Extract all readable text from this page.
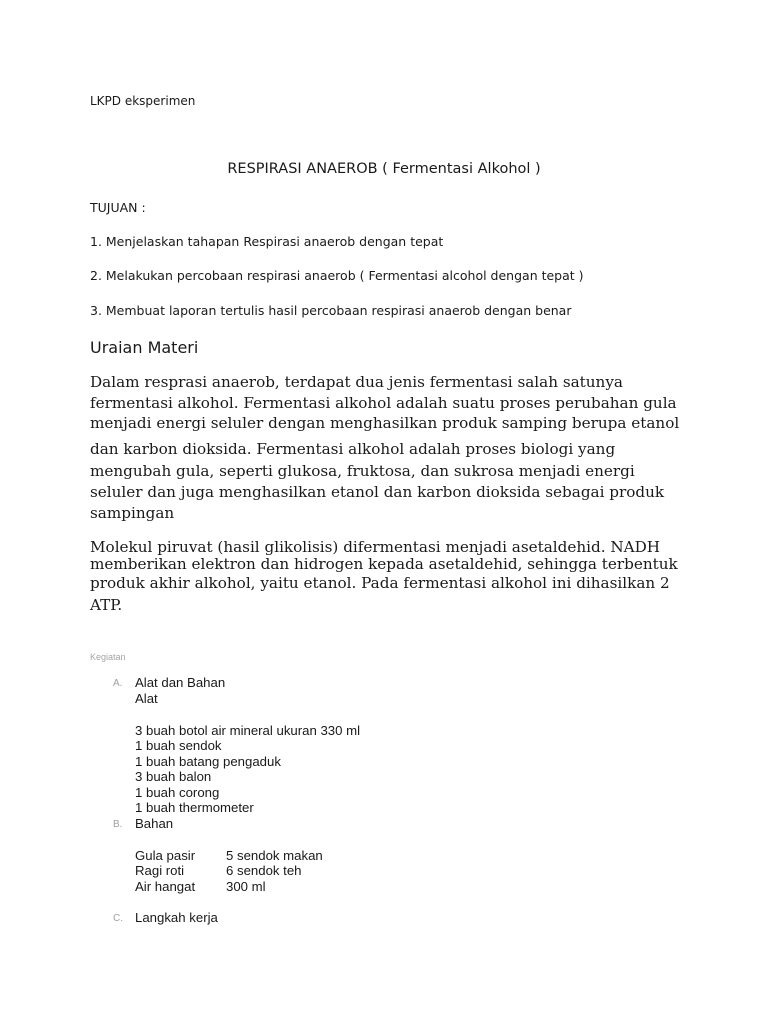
LKPD eksperimen
RESPIRASI ANAEROB ( Fermentasi Alkohol )
TUJUAN :
1. Menjelaskan tahapan Respirasi anaerob dengan tepat
2. Melakukan percobaan respirasi anaerob ( Fermentasi alcohol dengan tepat )
3. Membuat laporan tertulis hasil percobaan respirasi anaerob dengan benar
Uraian Materi
Dalam resprasi anaerob, terdapat dua jenis fermentasi salah satunya
fermentasi alkohol. Fermentasi alkohol adalah suatu proses perubahan gula
menjadi energi seluler dengan menghasilkan produk samping berupa etanol
dan karbon dioksida. Fermentasi alkohol adalah proses biologi yang
mengubah gula, seperti glukosa, fruktosa, dan sukrosa menjadi energi
seluler dan juga menghasilkan etanol dan karbon dioksida sebagai produk
sampingan
Molekul piruvat (hasil glikolisis) difermentasi menjadi asetaldehid. NADH
memberikan elektron dan hidrogen kepada asetaldehid, sehingga terbentuk
produk akhir alkohol, yaitu etanol. Pada fermentasi alkohol ini dihasilkan 2
ATP.
Kegiatan
A. Alat dan Bahan
Alat
3 buah botol air mineral ukuran 330 ml
1 buah sendok
1 buah batang pengaduk
3 buah balon
1 buah corong
1 buah thermometer
B. Bahan
Gula pasir 5 sendok makan
Ragi roti	6 sendok teh
Air hangat 300 ml
C. Langkah kerja
